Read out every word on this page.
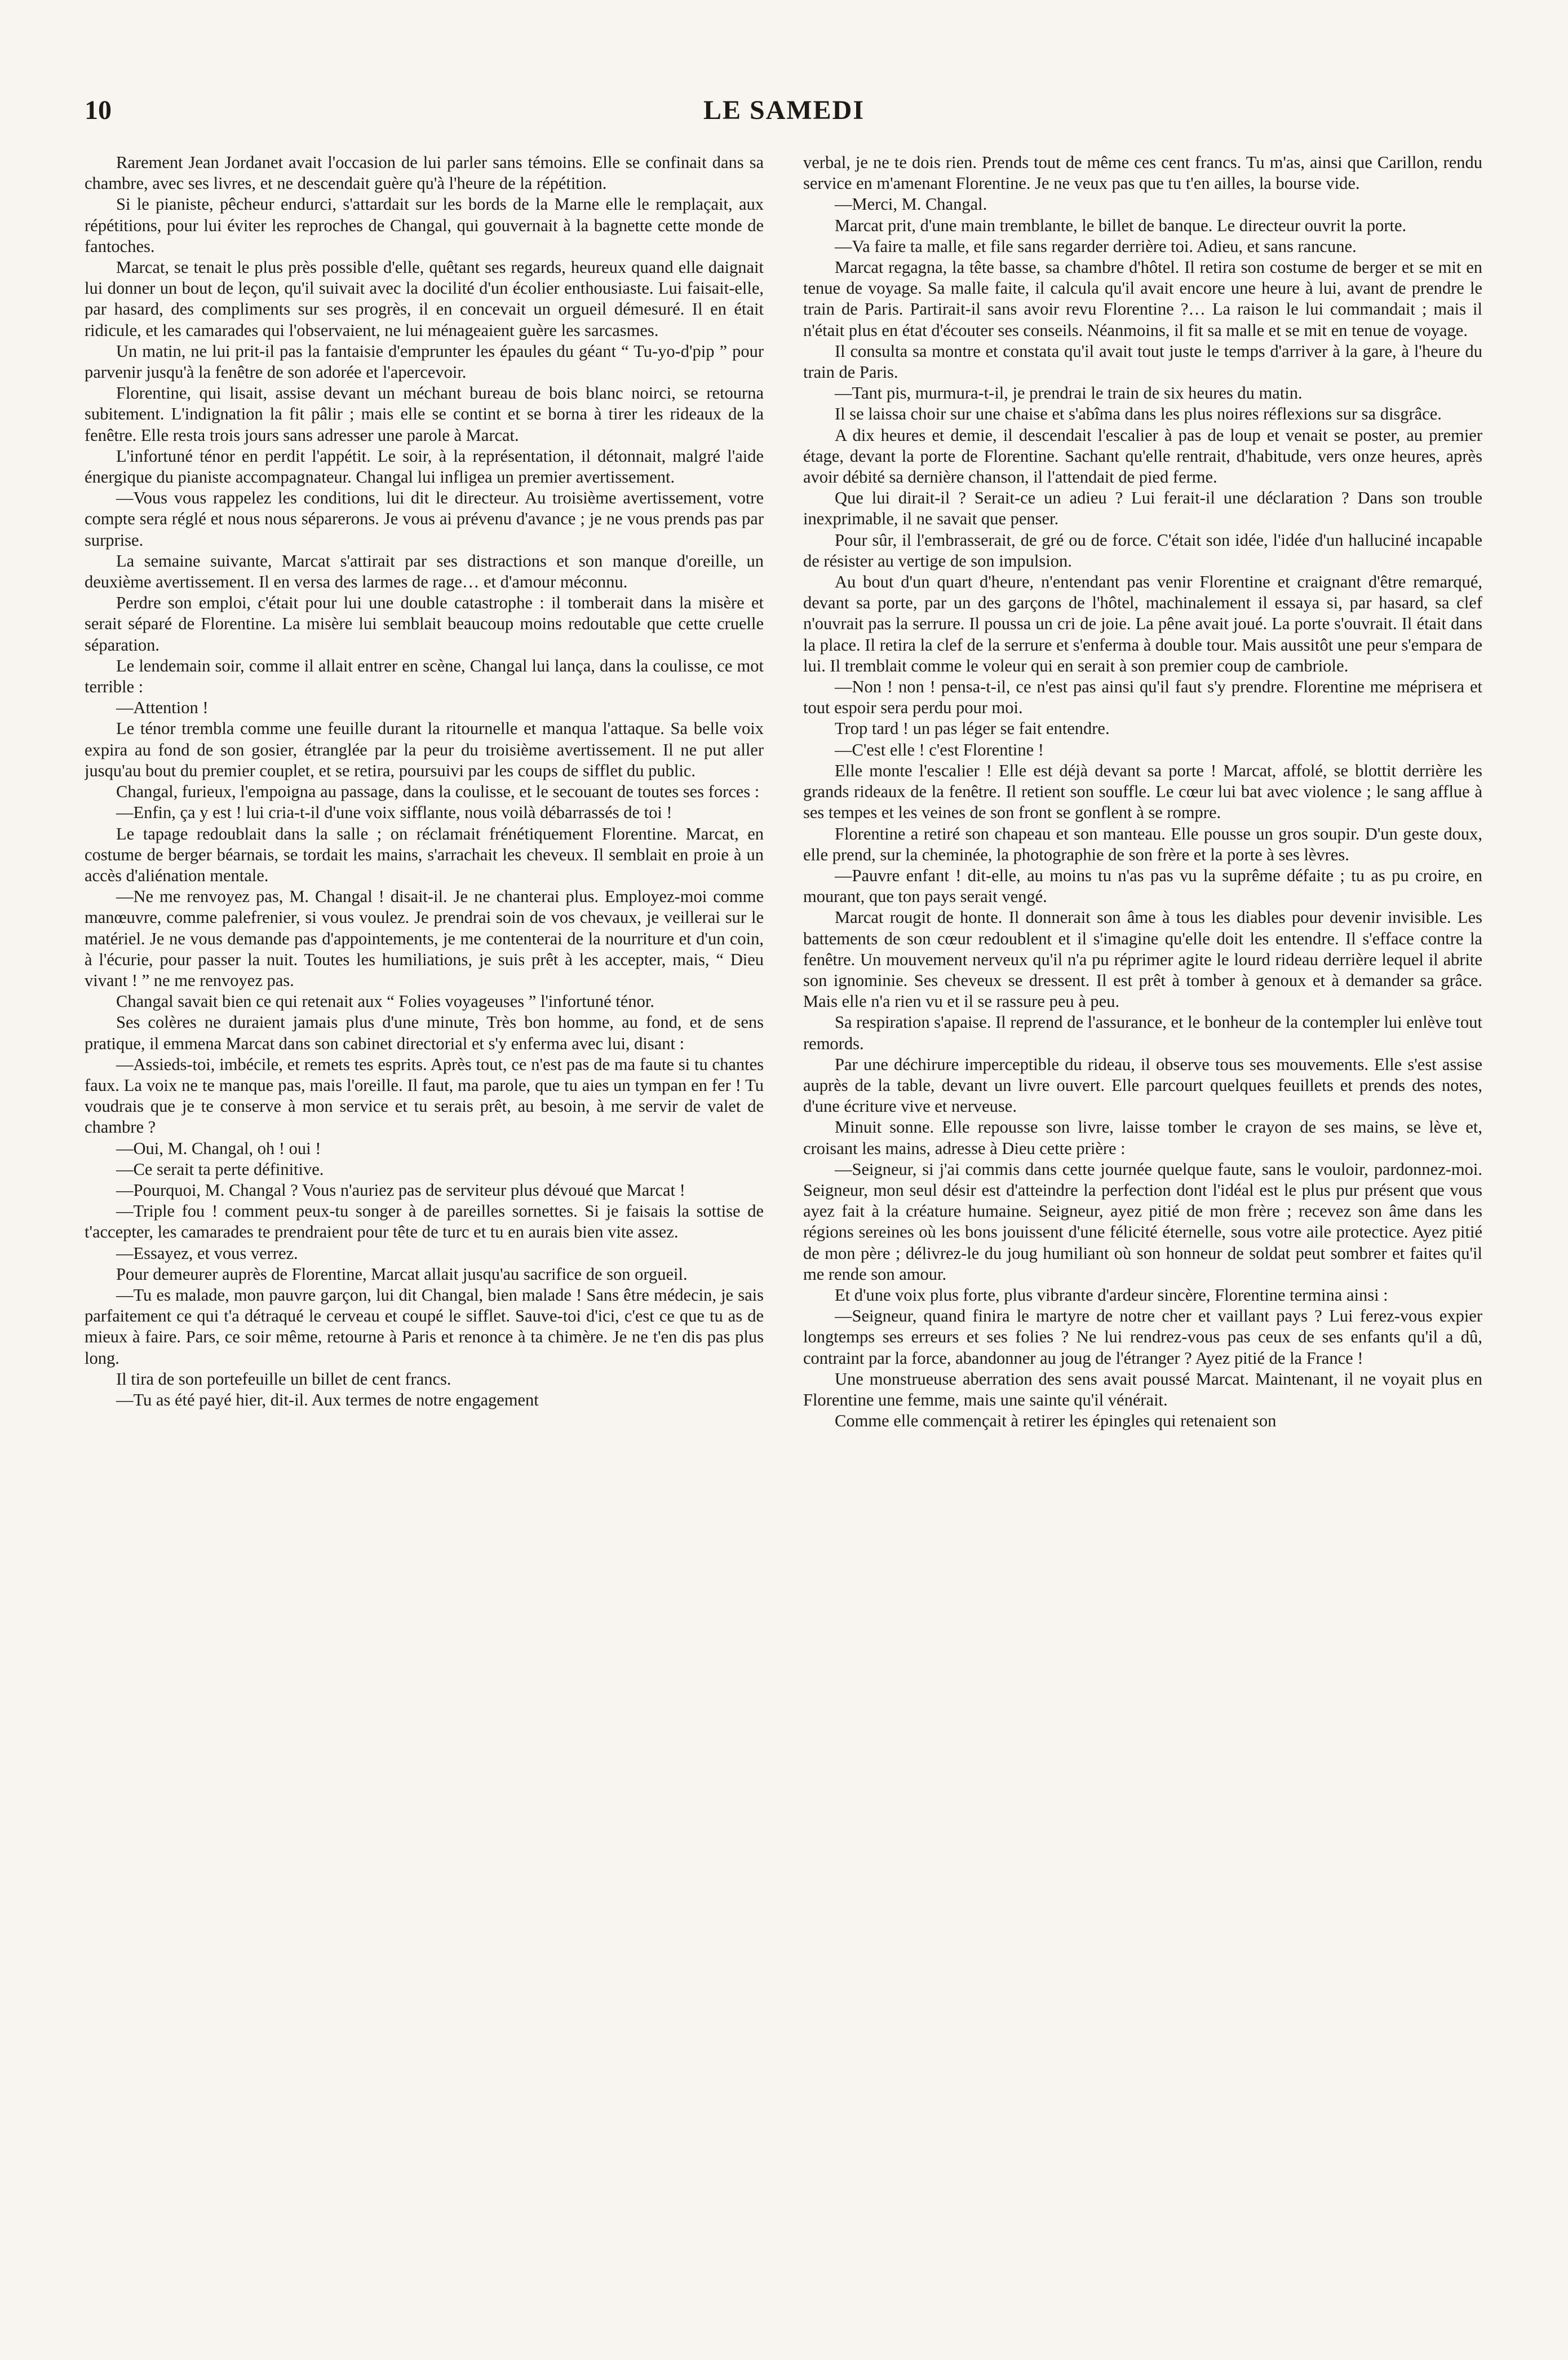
10	LE SAMEDI

Rarement Jean Jordanet avait l'occasion de lui parler sans témoins. Elle se confinait dans sa chambre, avec ses livres, et ne descendait guère qu'à l'heure de la répétition.

Si le pianiste, pêcheur endurci, s'attardait sur les bords de la Marne elle le remplaçait, aux répétitions, pour lui éviter les reproches de Changal, qui gouvernait à la bagnette cette monde de fantoches.

Marcat, se tenait le plus près possible d'elle, quêtant ses regards, heureux quand elle daignait lui donner un bout de leçon, qu'il suivait avec la docilité d'un écolier enthousiaste. Lui faisait-elle, par hasard, des compliments sur ses progrès, il en concevait un orgueil démesuré. Il en était ridicule, et les camarades qui l'observaient, ne lui ménageaient guère les sarcasmes.

Un matin, ne lui prit-il pas la fantaisie d'emprunter les épaules du géant “ Tu-yo-d'pip ” pour parvenir jusqu'à la fenêtre de son adorée et l'apercevoir.

Florentine, qui lisait, assise devant un méchant bureau de bois blanc noirci, se retourna subitement. L'indignation la fit pâlir ; mais elle se contint et se borna à tirer les rideaux de la fenêtre. Elle resta trois jours sans adresser une parole à Marcat.

L'infortuné ténor en perdit l'appétit. Le soir, à la représentation, il détonnait, malgré l'aide énergique du pianiste accompagnateur. Changal lui infligea un premier avertissement.

—Vous vous rappelez les conditions, lui dit le directeur. Au troisième avertissement, votre compte sera réglé et nous nous séparerons. Je vous ai prévenu d'avance ; je ne vous prends pas par surprise.

La semaine suivante, Marcat s'attirait par ses distractions et son manque d'oreille, un deuxième avertissement. Il en versa des larmes de rage… et d'amour méconnu.

Perdre son emploi, c'était pour lui une double catastrophe : il tomberait dans la misère et serait séparé de Florentine. La misère lui semblait beaucoup moins redoutable que cette cruelle séparation.

Le lendemain soir, comme il allait entrer en scène, Changal lui lança, dans la coulisse, ce mot terrible :

—Attention !

Le ténor trembla comme une feuille durant la ritournelle et manqua l'attaque. Sa belle voix expira au fond de son gosier, étranglée par la peur du troisième avertissement. Il ne put aller jusqu'au bout du premier couplet, et se retira, poursuivi par les coups de sifflet du public.

Changal, furieux, l'empoigna au passage, dans la coulisse, et le secouant de toutes ses forces :

—Enfin, ça y est ! lui cria-t-il d'une voix sifflante, nous voilà débarrassés de toi !

Le tapage redoublait dans la salle ; on réclamait frénétiquement Florentine. Marcat, en costume de berger béarnais, se tordait les mains, s'arrachait les cheveux. Il semblait en proie à un accès d'aliénation mentale.

—Ne me renvoyez pas, M. Changal ! disait-il. Je ne chanterai plus. Employez-moi comme manœuvre, comme palefrenier, si vous voulez. Je prendrai soin de vos chevaux, je veillerai sur le matériel. Je ne vous demande pas d'appointements, je me contenterai de la nourriture et d'un coin, à l'écurie, pour passer la nuit. Toutes les humiliations, je suis prêt à les accepter, mais, “ Dieu vivant ! ” ne me renvoyez pas.

Changal savait bien ce qui retenait aux “ Folies voyageuses ” l'infortuné ténor.

Ses colères ne duraient jamais plus d'une minute, Très bon homme, au fond, et de sens pratique, il emmena Marcat dans son cabinet directorial et s'y enferma avec lui, disant :

—Assieds-toi, imbécile, et remets tes esprits. Après tout, ce n'est pas de ma faute si tu chantes faux. La voix ne te manque pas, mais l'oreille. Il faut, ma parole, que tu aies un tympan en fer ! Tu voudrais que je te conserve à mon service et tu serais prêt, au besoin, à me servir de valet de chambre ?

—Oui, M. Changal, oh ! oui !

—Ce serait ta perte définitive.

—Pourquoi, M. Changal ? Vous n'auriez pas de serviteur plus dévoué que Marcat !

—Triple fou ! comment peux-tu songer à de pareilles sornettes. Si je faisais la sottise de t'accepter, les camarades te prendraient pour tête de turc et tu en aurais bien vite assez.

—Essayez, et vous verrez.

Pour demeurer auprès de Florentine, Marcat allait jusqu'au sacrifice de son orgueil.

—Tu es malade, mon pauvre garçon, lui dit Changal, bien malade ! Sans être médecin, je sais parfaitement ce qui t'a détraqué le cerveau et coupé le sifflet. Sauve-toi d'ici, c'est ce que tu as de mieux à faire. Pars, ce soir même, retourne à Paris et renonce à ta chimère. Je ne t'en dis pas plus long.

Il tira de son portefeuille un billet de cent francs.

—Tu as été payé hier, dit-il. Aux termes de notre engagement

verbal, je ne te dois rien. Prends tout de même ces cent francs. Tu m'as, ainsi que Carillon, rendu service en m'amenant Florentine. Je ne veux pas que tu t'en ailles, la bourse vide.

—Merci, M. Changal.

Marcat prit, d'une main tremblante, le billet de banque. Le directeur ouvrit la porte.

—Va faire ta malle, et file sans regarder derrière toi. Adieu, et sans rancune.

Marcat regagna, la tête basse, sa chambre d'hôtel. Il retira son costume de berger et se mit en tenue de voyage. Sa malle faite, il calcula qu'il avait encore une heure à lui, avant de prendre le train de Paris. Partirait-il sans avoir revu Florentine ?… La raison le lui commandait ; mais il n'était plus en état d'écouter ses conseils. Néanmoins, il fit sa malle et se mit en tenue de voyage.

Il consulta sa montre et constata qu'il avait tout juste le temps d'arriver à la gare, à l'heure du train de Paris.

—Tant pis, murmura-t-il, je prendrai le train de six heures du matin.

Il se laissa choir sur une chaise et s'abîma dans les plus noires réflexions sur sa disgrâce.

A dix heures et demie, il descendait l'escalier à pas de loup et venait se poster, au premier étage, devant la porte de Florentine. Sachant qu'elle rentrait, d'habitude, vers onze heures, après avoir débité sa dernière chanson, il l'attendait de pied ferme.

Que lui dirait-il ? Serait-ce un adieu ? Lui ferait-il une déclaration ? Dans son trouble inexprimable, il ne savait que penser.

Pour sûr, il l'embrasserait, de gré ou de force. C'était son idée, l'idée d'un halluciné incapable de résister au vertige de son impulsion.

Au bout d'un quart d'heure, n'entendant pas venir Florentine et craignant d'être remarqué, devant sa porte, par un des garçons de l'hôtel, machinalement il essaya si, par hasard, sa clef n'ouvrait pas la serrure. Il poussa un cri de joie. La pêne avait joué. La porte s'ouvrait. Il était dans la place. Il retira la clef de la serrure et s'enferma à double tour. Mais aussitôt une peur s'empara de lui. Il tremblait comme le voleur qui en serait à son premier coup de cambriole.

—Non ! non ! pensa-t-il, ce n'est pas ainsi qu'il faut s'y prendre. Florentine me méprisera et tout espoir sera perdu pour moi.

Trop tard ! un pas léger se fait entendre.

—C'est elle ! c'est Florentine !

Elle monte l'escalier ! Elle est déjà devant sa porte ! Marcat, affolé, se blottit derrière les grands rideaux de la fenêtre. Il retient son souffle. Le cœur lui bat avec violence ; le sang afflue à ses tempes et les veines de son front se gonflent à se rompre.

Florentine a retiré son chapeau et son manteau. Elle pousse un gros soupir. D'un geste doux, elle prend, sur la cheminée, la photographie de son frère et la porte à ses lèvres.

—Pauvre enfant ! dit-elle, au moins tu n'as pas vu la suprême défaite ; tu as pu croire, en mourant, que ton pays serait vengé.

Marcat rougit de honte. Il donnerait son âme à tous les diables pour devenir invisible. Les battements de son cœur redoublent et il s'imagine qu'elle doit les entendre. Il s'efface contre la fenêtre. Un mouvement nerveux qu'il n'a pu réprimer agite le lourd rideau derrière lequel il abrite son ignominie. Ses cheveux se dressent. Il est prêt à tomber à genoux et à demander sa grâce. Mais elle n'a rien vu et il se rassure peu à peu.

Sa respiration s'apaise. Il reprend de l'assurance, et le bonheur de la contempler lui enlève tout remords.

Par une déchirure imperceptible du rideau, il observe tous ses mouvements. Elle s'est assise auprès de la table, devant un livre ouvert. Elle parcourt quelques feuillets et prends des notes, d'une écriture vive et nerveuse.

Minuit sonne. Elle repousse son livre, laisse tomber le crayon de ses mains, se lève et, croisant les mains, adresse à Dieu cette prière :

—Seigneur, si j'ai commis dans cette journée quelque faute, sans le vouloir, pardonnez-moi. Seigneur, mon seul désir est d'atteindre la perfection dont l'idéal est le plus pur présent que vous ayez fait à la créature humaine. Seigneur, ayez pitié de mon frère ; recevez son âme dans les régions sereines où les bons jouissent d'une félicité éternelle, sous votre aile protectice. Ayez pitié de mon père ; délivrez-le du joug humiliant où son honneur de soldat peut sombrer et faites qu'il me rende son amour.

Et d'une voix plus forte, plus vibrante d'ardeur sincère, Florentine termina ainsi :

—Seigneur, quand finira le martyre de notre cher et vaillant pays ? Lui ferez-vous expier longtemps ses erreurs et ses folies ? Ne lui rendrez-vous pas ceux de ses enfants qu'il a dû, contraint par la force, abandonner au joug de l'étranger ? Ayez pitié de la France !

Une monstrueuse aberration des sens avait poussé Marcat. Maintenant, il ne voyait plus en Florentine une femme, mais une sainte qu'il vénérait.

Comme elle commençait à retirer les épingles qui retenaient son
